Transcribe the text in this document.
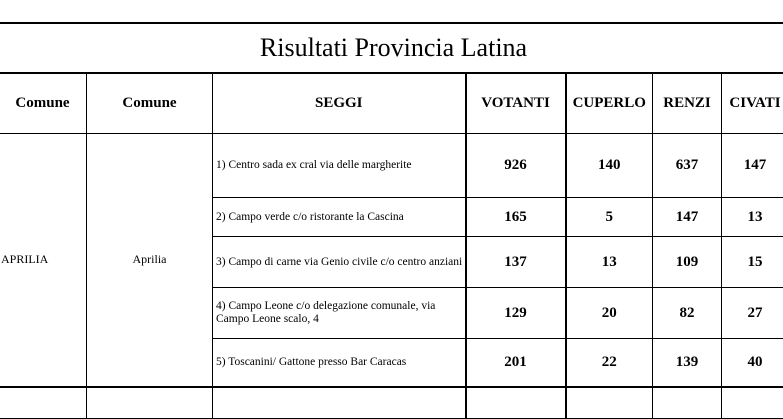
Risultati Provincia Latina						
Comune	Comune	SEGGI	VOTANTI	CUPERLO	RENZI	CIVATI
APRILIA	Aprilia	1) Centro sada ex cral via delle margherite	926	140	637	147
		2) Campo verde c/o ristorante la Cascina	165	5	147	13
		3) Campo di carne via Genio civile c/o centro anziani	137	13	109	15
		4) Campo Leone c/o delegazione comunale, via Campo Leone scalo, 4	129	20	82	27
		5) Toscanini/ Gattone presso Bar Caracas	201	22	139	40
